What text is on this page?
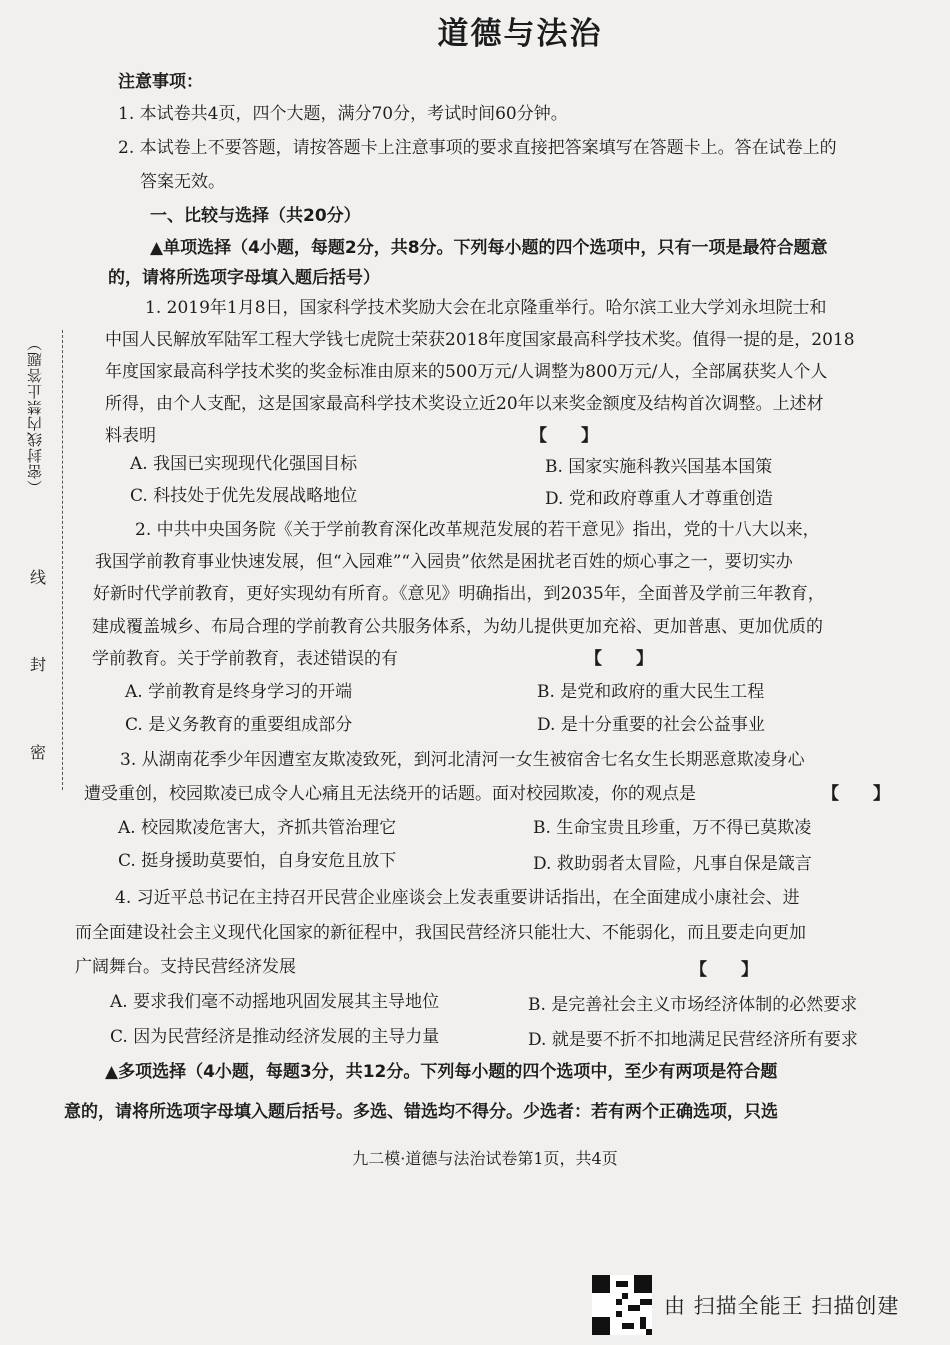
道德与法治
（密封线内禁止答题）
线
封
密
注意事项：
1. 本试卷共4页，四个大题，满分70分，考试时间60分钟。
2. 本试卷上不要答题，请按答题卡上注意事项的要求直接把答案填写在答题卡上。答在试卷上的
答案无效。
一、比较与选择（共20分）
▲单项选择（4小题，每题2分，共8分。下列每小题的四个选项中，只有一项是最符合题意
的，请将所选项字母填入题后括号）
1. 2019年1月8日，国家科学技术奖励大会在北京隆重举行。哈尔滨工业大学刘永坦院士和
中国人民解放军陆军工程大学钱七虎院士荣获2018年度国家最高科学技术奖。值得一提的是，2018
年度国家最高科学技术奖的奖金标准由原来的500万元/人调整为800万元/人，全部属获奖人个人
所得，由个人支配，这是国家最高科学技术奖设立近20年以来奖金额度及结构首次调整。上述材
料表明	【　　】
A. 我国已实现现代化强国目标	B. 国家实施科教兴国基本国策
C. 科技处于优先发展战略地位	D. 党和政府尊重人才尊重创造
2. 中共中央国务院《关于学前教育深化改革规范发展的若干意见》指出，党的十八大以来，
我国学前教育事业快速发展，但“入园难”“入园贵”依然是困扰老百姓的烦心事之一，要切实办
好新时代学前教育，更好实现幼有所育。《意见》明确指出，到2035年，全面普及学前三年教育，
建成覆盖城乡、布局合理的学前教育公共服务体系，为幼儿提供更加充裕、更加普惠、更加优质的
学前教育。关于学前教育，表述错误的有	【　　】
A. 学前教育是终身学习的开端	B. 是党和政府的重大民生工程
C. 是义务教育的重要组成部分	D. 是十分重要的社会公益事业
3. 从湖南花季少年因遭室友欺凌致死，到河北清河一女生被宿舍七名女生长期恶意欺凌身心
遭受重创，校园欺凌已成令人心痛且无法绕开的话题。面对校园欺凌，你的观点是	【　　】
A. 校园欺凌危害大，齐抓共管治理它	B. 生命宝贵且珍重，万不得已莫欺凌
C. 挺身援助莫要怕，自身安危且放下	D. 救助弱者太冒险，凡事自保是箴言
4. 习近平总书记在主持召开民营企业座谈会上发表重要讲话指出，在全面建成小康社会、进
而全面建设社会主义现代化国家的新征程中，我国民营经济只能壮大、不能弱化，而且要走向更加
广阔舞台。支持民营经济发展	【　　】
A. 要求我们毫不动摇地巩固发展其主导地位	B. 是完善社会主义市场经济体制的必然要求
C. 因为民营经济是推动经济发展的主导力量	D. 就是要不折不扣地满足民营经济所有要求
▲多项选择（4小题，每题3分，共12分。下列每小题的四个选项中，至少有两项是符合题
意的，请将所选项字母填入题后括号。多选、错选均不得分。少选者：若有两个正确选项，只选
九二模·道德与法治试卷第1页，共4页
由 扫描全能王 扫描创建
